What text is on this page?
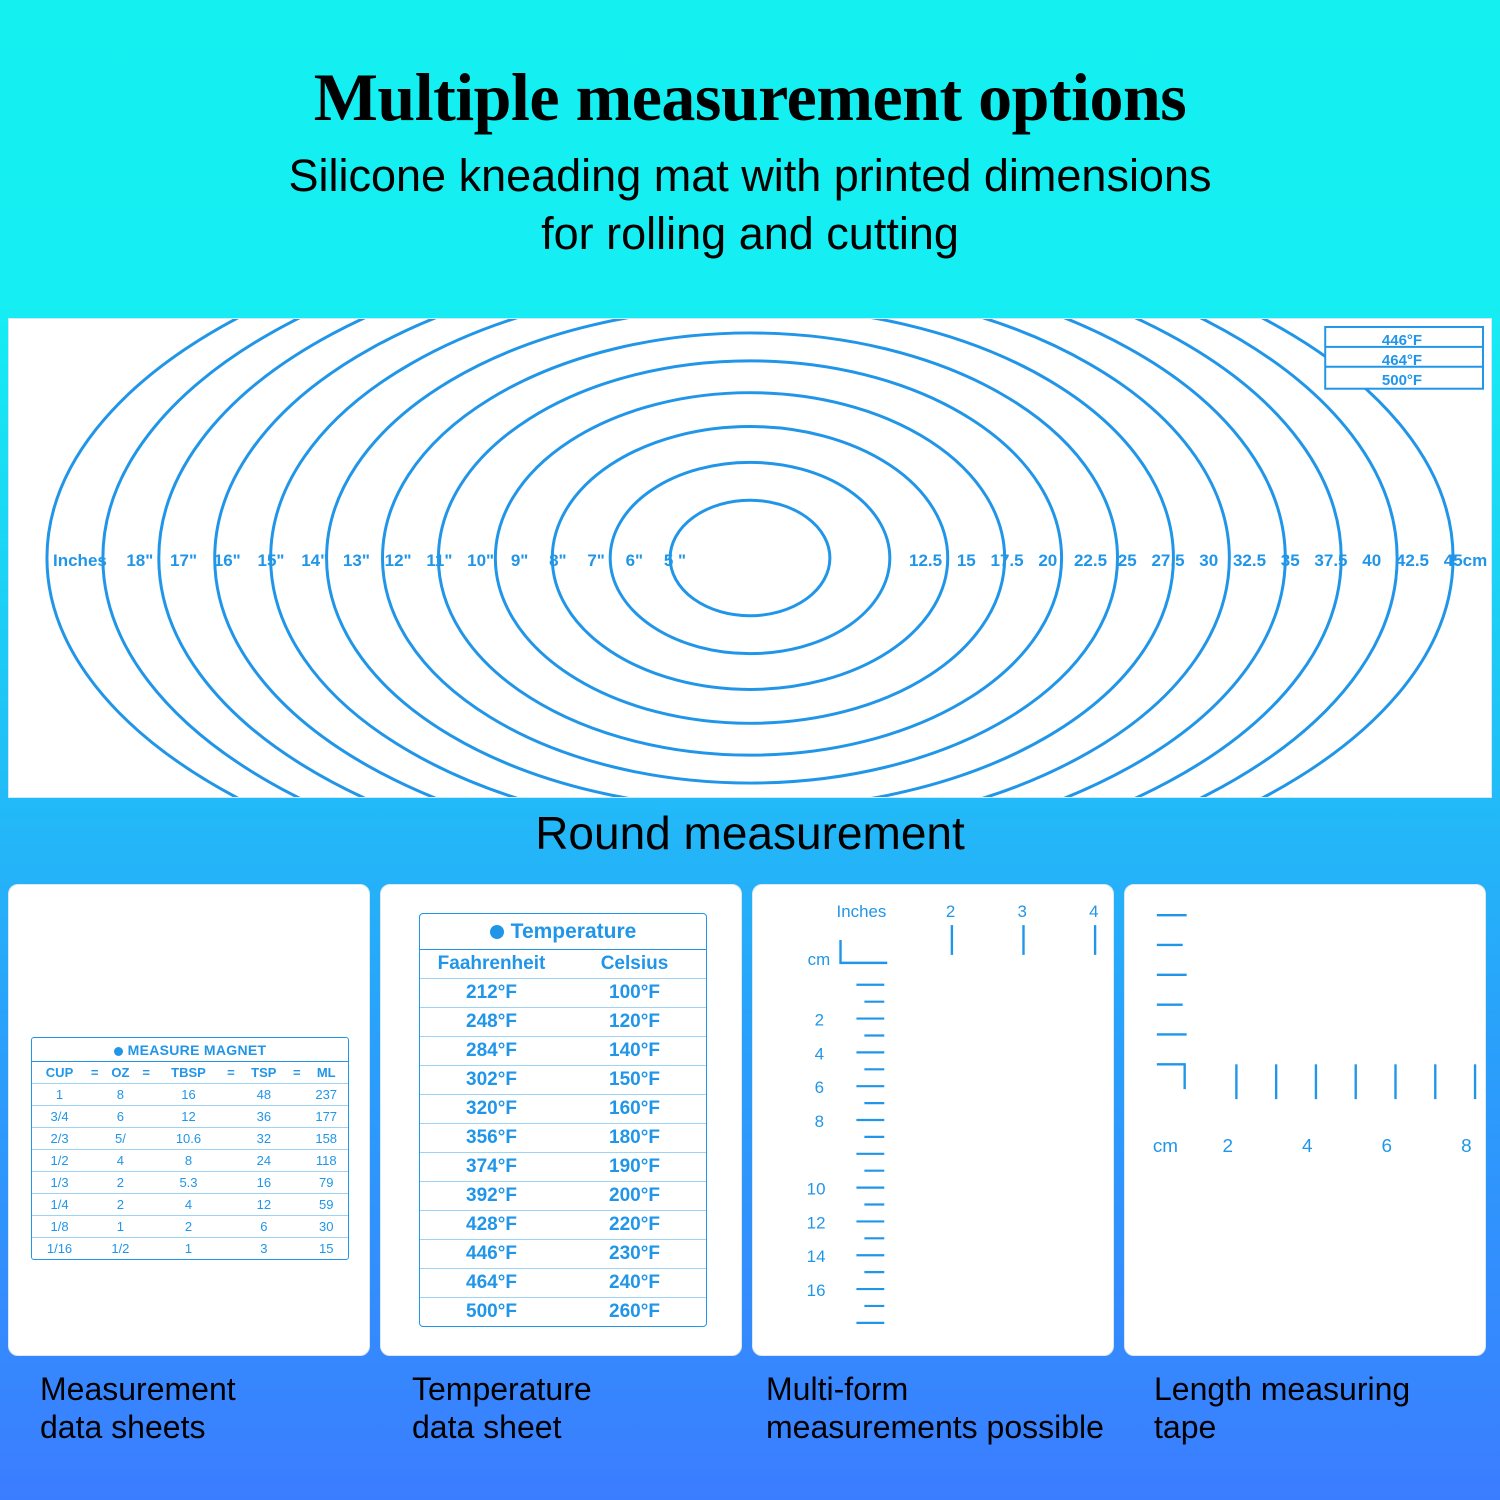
Multiple measurement options
Silicone kneading mat with printed dimensions
for rolling and cutting
446°F
464°F
500°F
Inches 18" 17" 16" 15" 14" 13" 12" 11" 10" 9" 8" 7" 6" 5 "	12.5 15 17.5 20 22.5 25 27.5 30 32.5 35 37.5 40 42.5 45cm
Round measurement
MEASURE MAGNET
CUP	=	OZ	=	TBSP	=	TSP	=	ML
1		8		16		48		237
3/4		6		12		36		177
2/3		5/		10.6		32		158
1/2		4		8		24		118
1/3		2		5.3		16		79
1/4		2		4		12		59
1/8		1		2		6		30
1/16		1/2		1		3		15
Temperature
Faahrenheit	Celsius
212°F	100°F
248°F	120°F
284°F	140°F
302°F	150°F
320°F	160°F
356°F	180°F
374°F	190°F
392°F	200°F
428°F	220°F
446°F	230°F
464°F	240°F
500°F	260°F
Inches	2	3	4
cm
2
4
6
8
10
12
14
16
cm 2	4	6	8
Measurement
data sheets
Temperature
data sheet
Multi-form
measurements possible
Length measuring
tape
